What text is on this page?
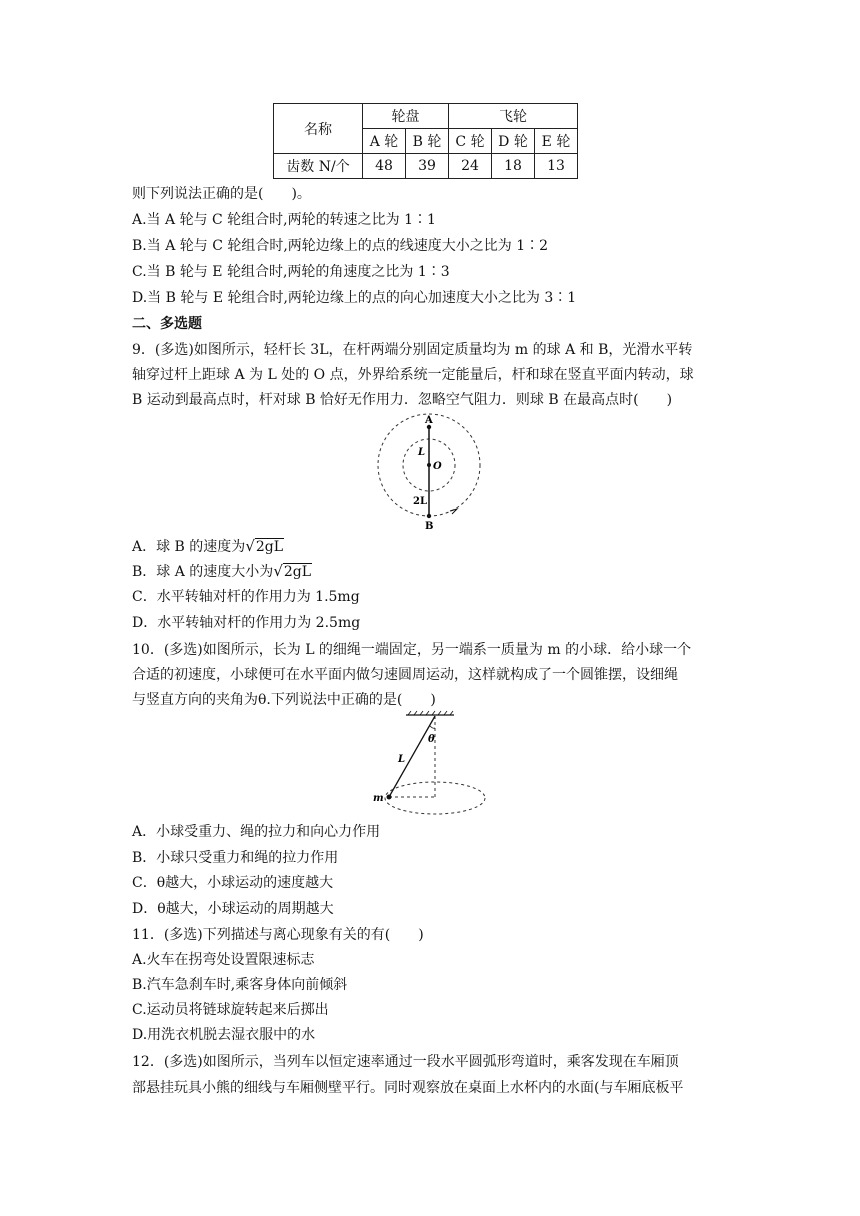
名称	轮盘		飞轮		
	A 轮	B 轮	C 轮	D 轮	E 轮
齿数 N/个	48	39	24	18	13
则下列说法正确的是(　　)。
A.当 A 轮与 C 轮组合时,两轮的转速之比为 1∶1
B.当 A 轮与 C 轮组合时,两轮边缘上的点的线速度大小之比为 1∶2
C.当 B 轮与 E 轮组合时,两轮的角速度之比为 1∶3
D.当 B 轮与 E 轮组合时,两轮边缘上的点的向心加速度大小之比为 3∶1
二、多选题
9．(多选)如图所示，轻杆长 3L，在杆两端分别固定质量均为 m 的球 A 和 B，光滑水平转
轴穿过杆上距球 A 为 L 处的 O 点，外界给系统一定能量后，杆和球在竖直平面内转动，球
B 运动到最高点时，杆对球 B 恰好无作用力．忽略空气阻力．则球 B 在最高点时(　　)
A
L
O
2L
B
A．球 B 的速度为√2gL
B．球 A 的速度大小为√2gL
C．水平转轴对杆的作用力为 1.5mg
D．水平转轴对杆的作用力为 2.5mg
10．(多选)如图所示，长为 L 的细绳一端固定，另一端系一质量为 m 的小球．给小球一个
合适的初速度，小球便可在水平面内做匀速圆周运动，这样就构成了一个圆锥摆，设细绳
与竖直方向的夹角为θ.下列说法中正确的是(　　)
θ
L
m
A．小球受重力、绳的拉力和向心力作用
B．小球只受重力和绳的拉力作用
C．θ越大，小球运动的速度越大
D．θ越大，小球运动的周期越大
11．(多选)下列描述与离心现象有关的有(　　)
A.火车在拐弯处设置限速标志
B.汽车急刹车时,乘客身体向前倾斜
C.运动员将链球旋转起来后掷出
D.用洗衣机脱去湿衣服中的水
12．(多选)如图所示，当列车以恒定速率通过一段水平圆弧形弯道时，乘客发现在车厢顶
部悬挂玩具小熊的细线与车厢侧壁平行。同时观察放在桌面上水杯内的水面(与车厢底板平
